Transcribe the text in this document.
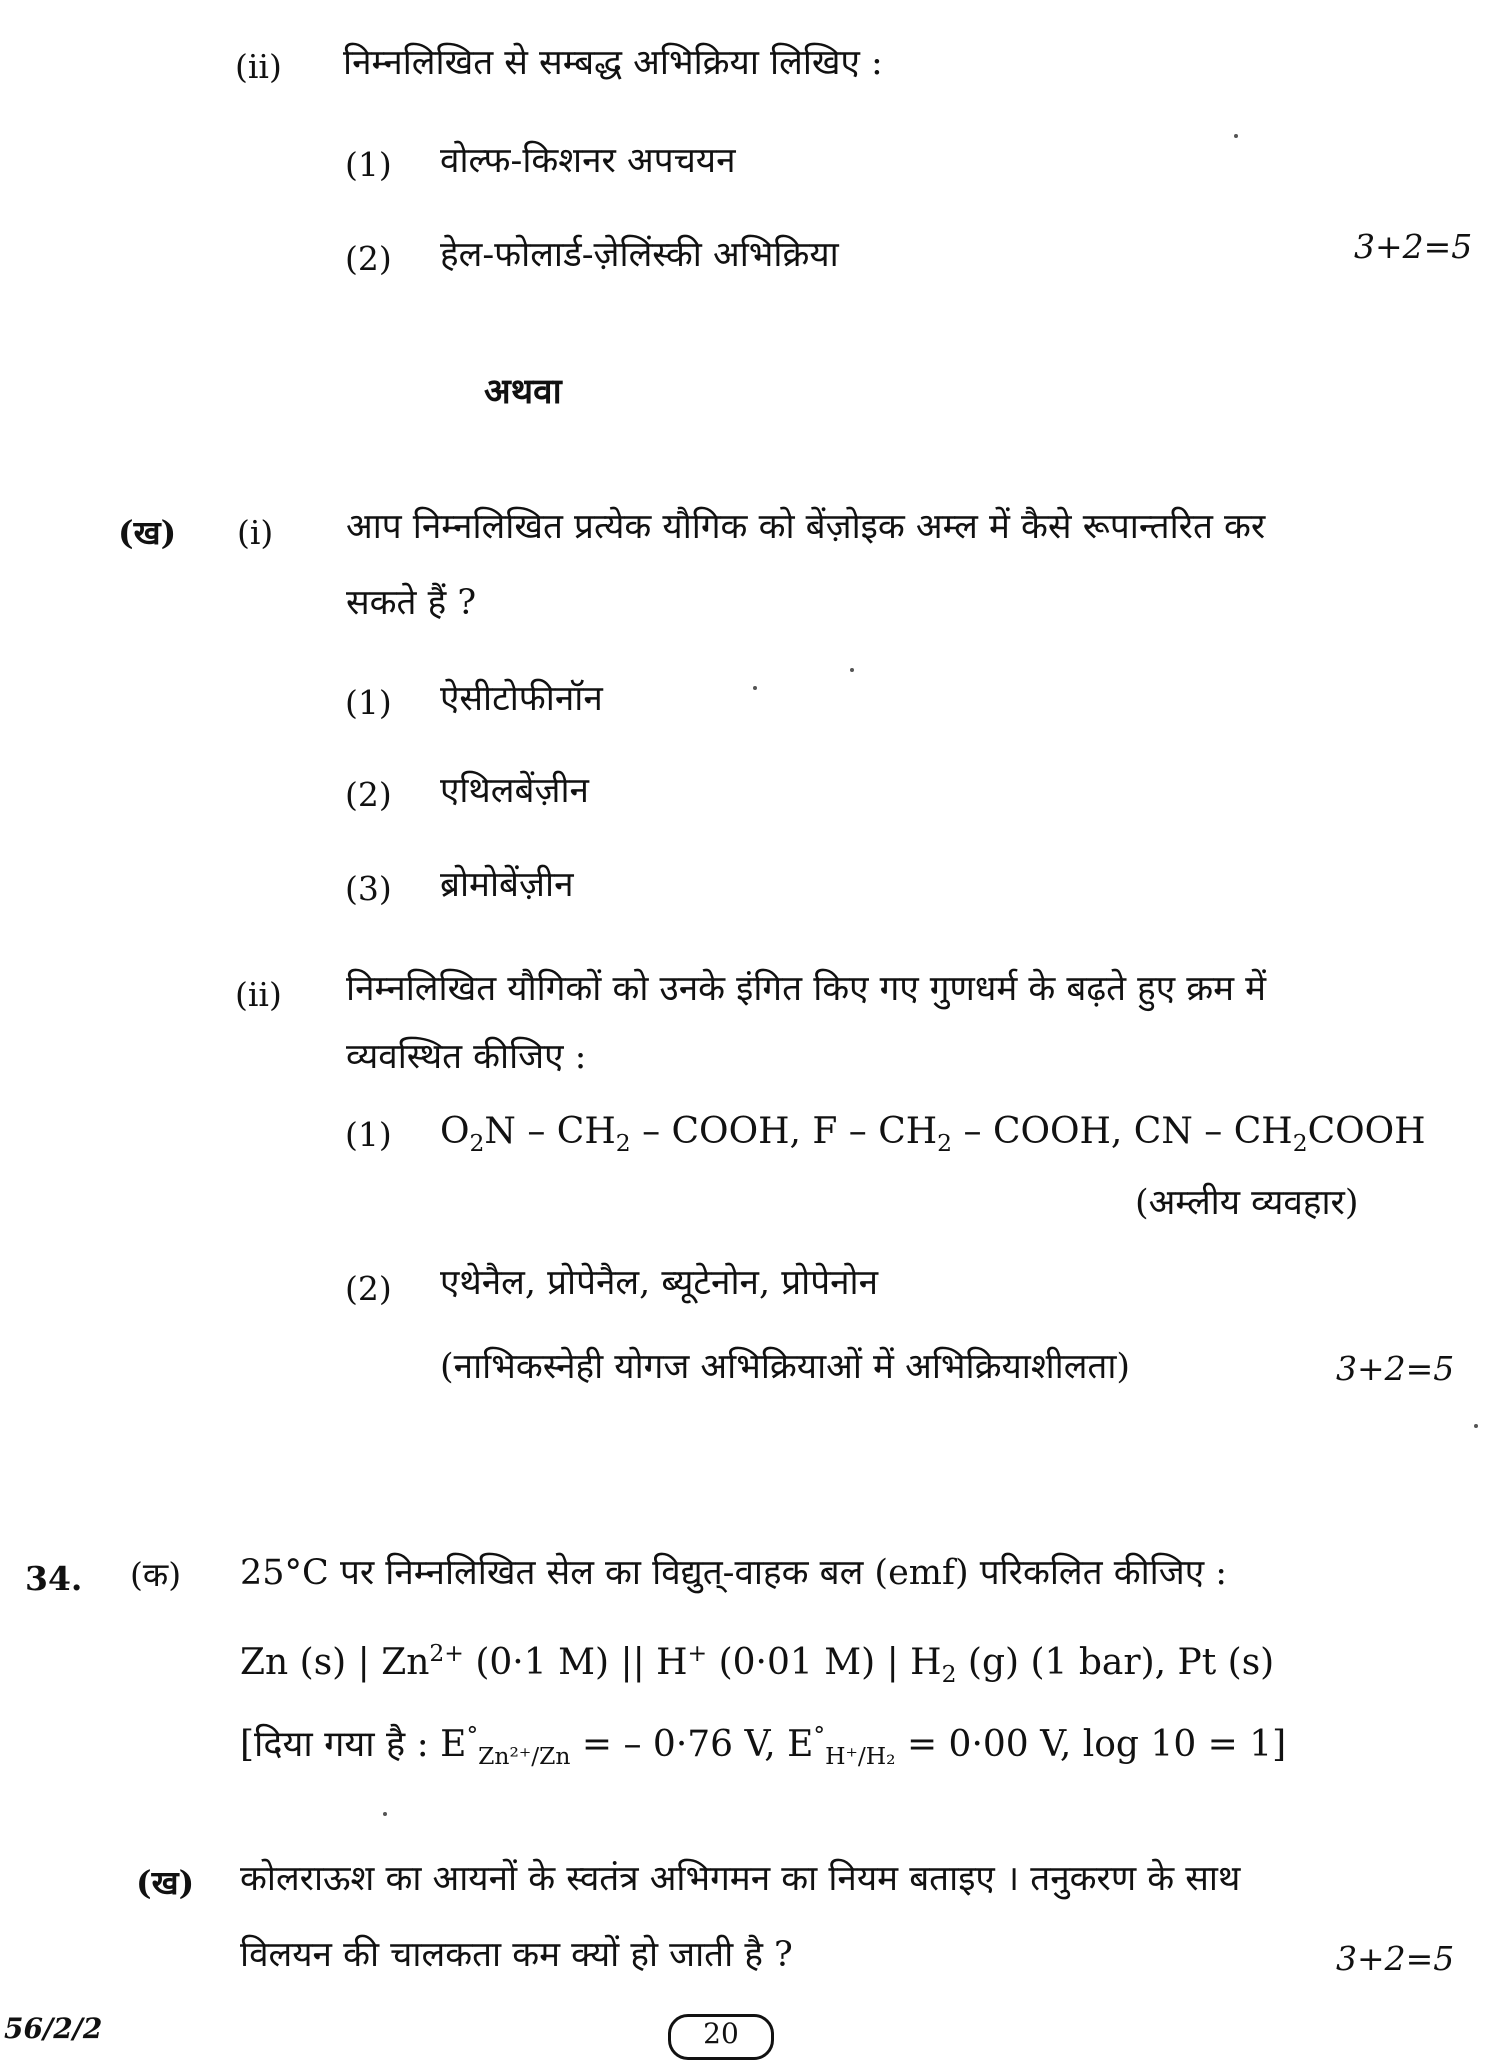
(ii) निम्नलिखित से सम्बद्ध अभिक्रिया लिखिए :
(1) वोल्फ-किशनर अपचयन
(2) हेल-फोलार्ड-ज़ेलिंस्की अभिक्रिया	3+2=5
अथवा
(ख) (i) आप निम्नलिखित प्रत्येक यौगिक को बेंज़ोइक अम्ल में कैसे रूपान्तरित कर
सकते हैं ?
(1) ऐसीटोफीनॉन
(2) एथिलबेंज़ीन
(3) ब्रोमोबेंज़ीन
(ii) निम्नलिखित यौगिकों को उनके इंगित किए गए गुणधर्म के बढ़ते हुए क्रम में
व्यवस्थित कीजिए :
(1) $O_2N - CH_2$ – COOH, F – $CH_2$ – COOH, CN – $CH_2COOH$
(अम्लीय व्यवहार)
(2) एथेनैल, प्रोपेनैल, ब्यूटेनोन, प्रोपेनोन
(नाभिकस्नेही योगज अभिक्रियाओं में अभिक्रियाशीलता)	3+2=5
34. (क) 25°C पर निम्नलिखित सेल का विद्युत्-वाहक बल (emf) परिकलित कीजिए :
Zn (s) | $Zn^{2+}$ (0·1 M) || H+ (0·01 M) | $H_2$ (g) (1 bar), Pt (s)
[दिया गया है : $E^\circ_{Zn^{2+}/Zn}$ = – 0·76 V, $E^\circ_{H^+/H_2} = 0\cdot 00$ V, log 10 = 1]
(ख) कोलराऊश का आयनों के स्वतंत्र अभिगमन का नियम बताइए । तनुकरण के साथ
विलयन की चालकता कम क्यों हो जाती है ?	3+2=5
56/2/2	20
